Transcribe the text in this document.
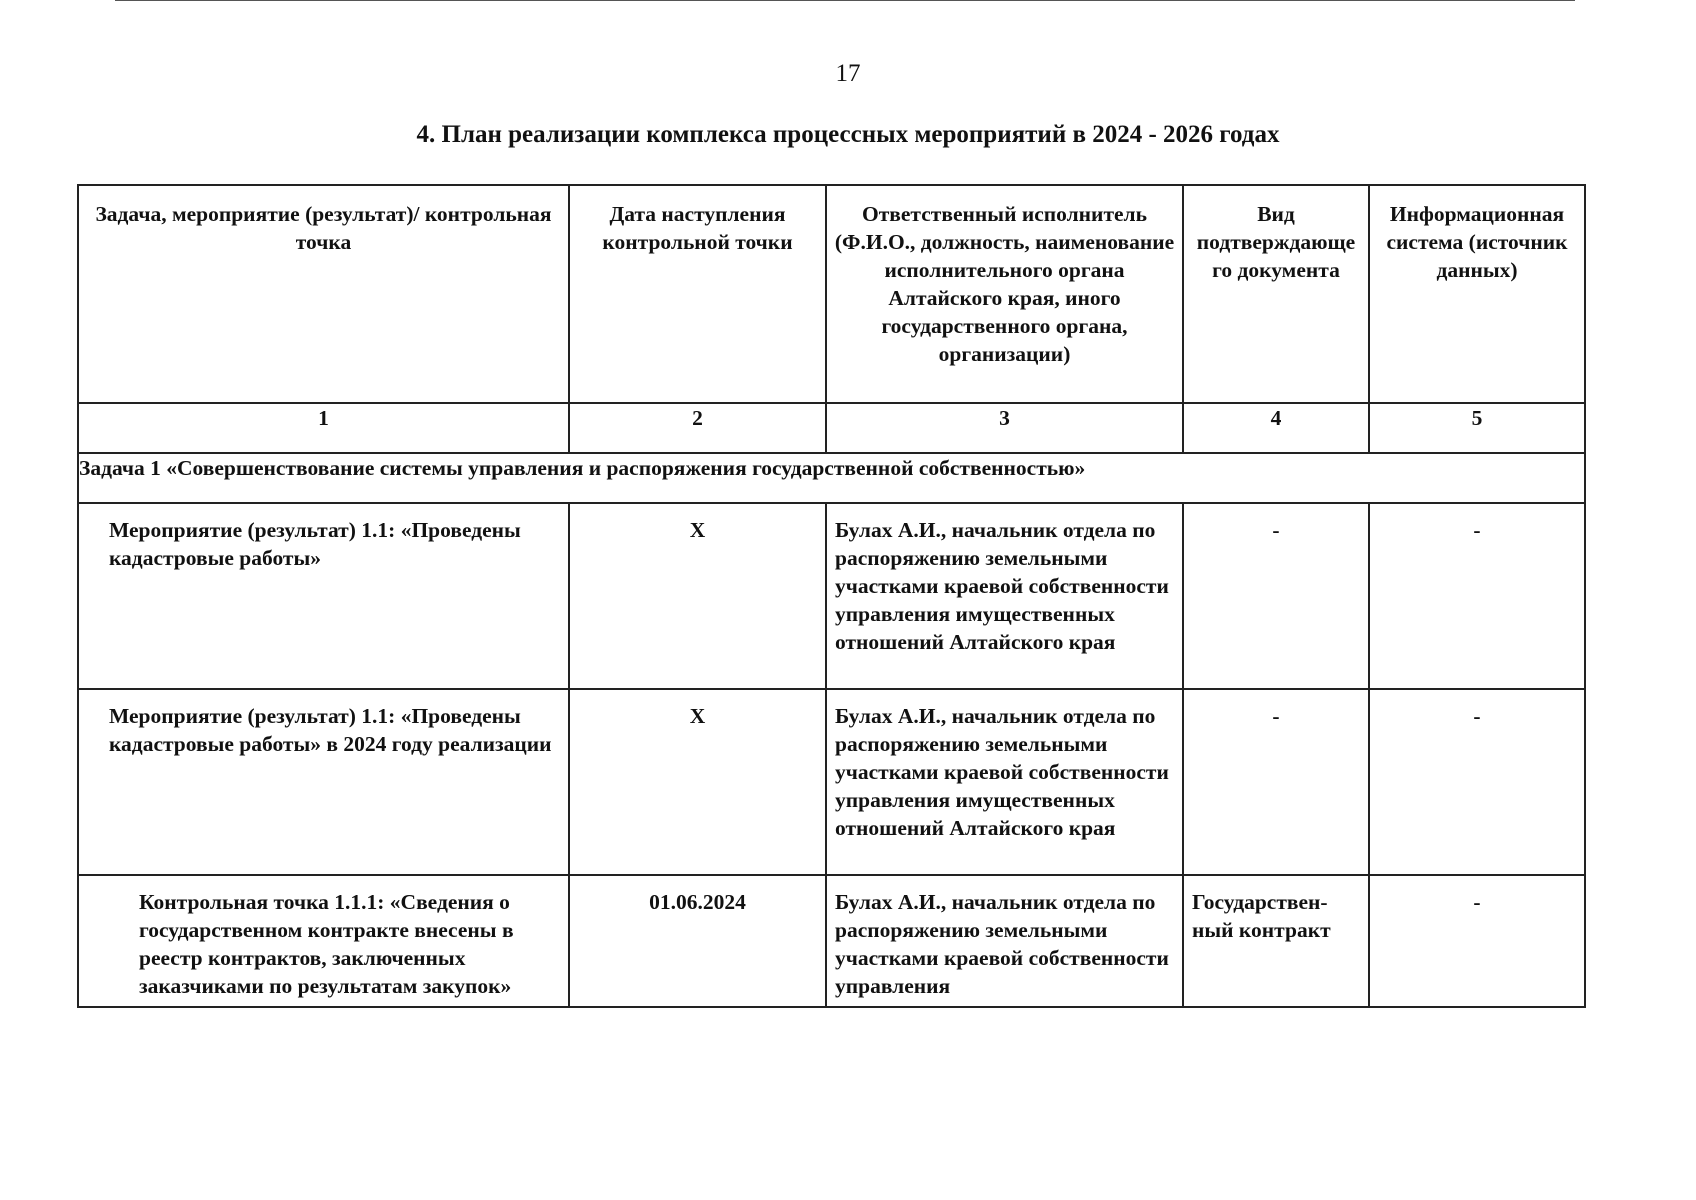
17
4. План реализации комплекса процессных мероприятий в 2024 - 2026 годах
Задача, мероприятие (результат)/ контрольная точка	Дата наступления контрольной точки	Ответственный исполнитель (Ф.И.О., должность, наименование исполнительного органа Алтайского края, иного государственного органа, организации)	Вид подтверждающе го документа	Информационная система (источник данных)

1	2	3	4	5
Задача 1 «Совершенствование системы управления и распоряжения государственной собственностью»				

Мероприятие (результат) 1.1: «Проведены кадастровые работы»	X	Булах А.И., начальник отдела по распоряжению земельными участками краевой собственности управления имущественных отношений Алтайского края	-	-

Мероприятие (результат) 1.1: «Проведены кадастровые работы» в 2024 году реализации	X	Булах А.И., начальник отдела по распоряжению земельными участками краевой собственности управления имущественных отношений Алтайского края	-	-

Контрольная точка 1.1.1: «Сведения о государственном контракте внесены в реестр контрактов, заключенных заказчиками по результатам закупок»	01.06.2024	Булах А.И., начальник отдела по распоряжению земельными участками краевой собственности управления	Государствен-ный контракт	-
